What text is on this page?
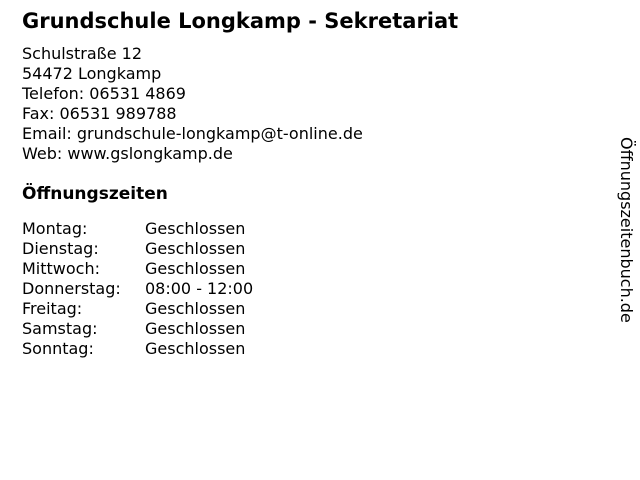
Grundschule Longkamp - Sekretariat
Schulstraße 12
54472 Longkamp
Telefon: 06531 4869
Fax: 06531 989788
Email: grundschule-longkamp@t-online.de
Web: www.gslongkamp.de
Öffnungszeiten
Montag:	Geschlossen
Dienstag:	Geschlossen
Mittwoch:	Geschlossen
Donnerstag:	08:00 - 12:00
Freitag:	Geschlossen
Samstag:	Geschlossen
Sonntag:	Geschlossen
Öffnungszeitenbuch.de
